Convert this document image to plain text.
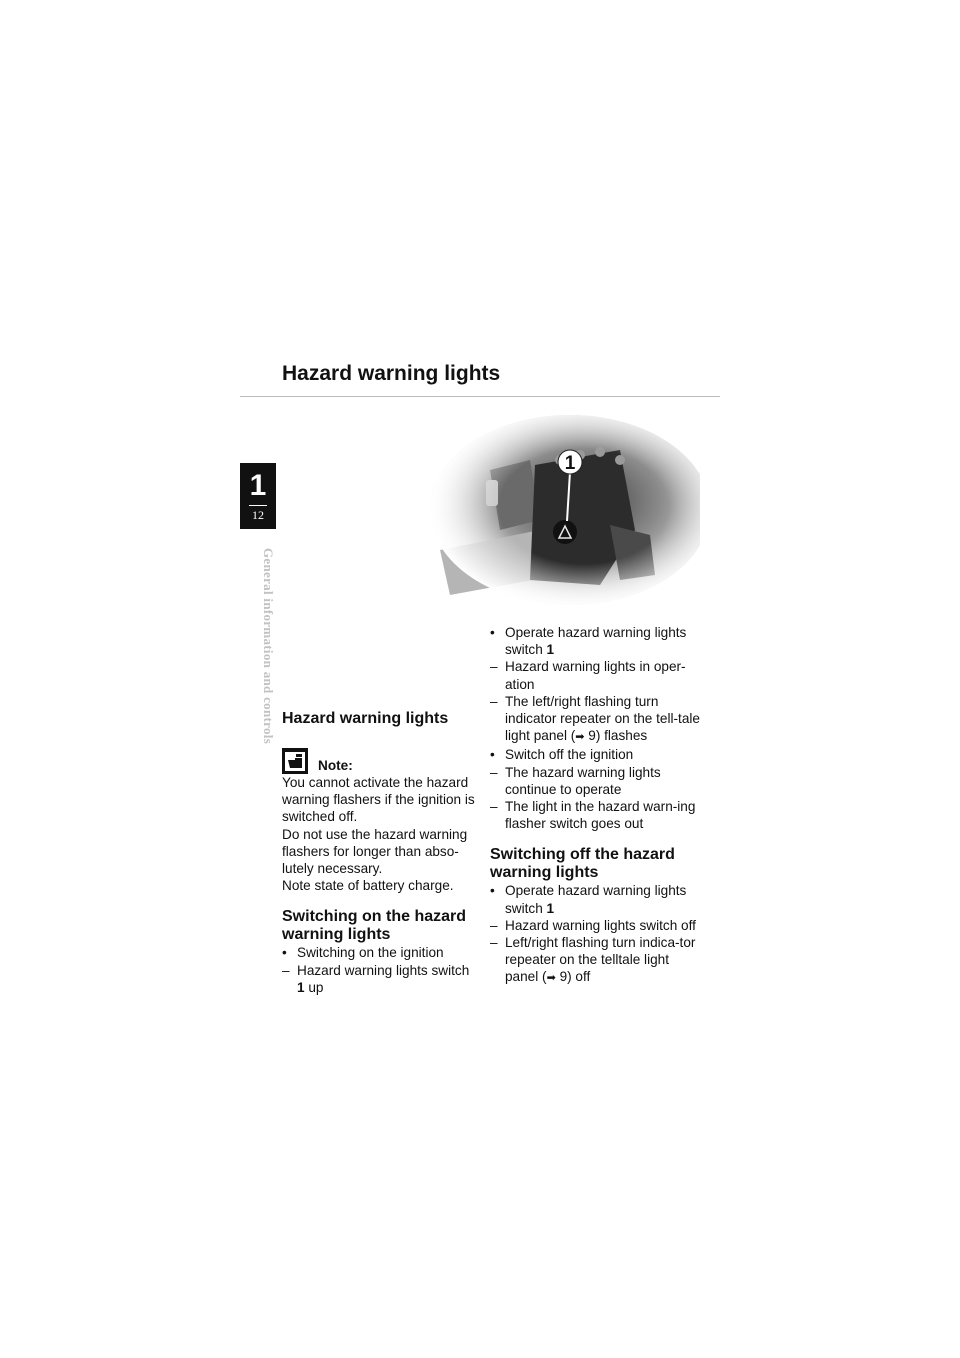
Hazard warning lights
1
12
General information and controls
1
Hazard warning lights
Note:

You cannot activate the hazard warning flashers if the ignition is switched off.

Do not use the hazard warning flashers for longer than abso-lutely necessary.

Note state of battery charge.

Switching on the hazard warning lights
• Switching on the ignition
– Hazard warning lights switch 1 up
• Operate hazard warning lights switch 1
– Hazard warning lights in oper-ation
– The left/right flashing turn indicator repeater on the tell-tale light panel (➡ 9) flashes
• Switch off the ignition
– The hazard warning lights continue to operate
– The light in the hazard warn-ing flasher switch goes out
Switching off the hazard warning lights
• Operate hazard warning lights switch 1
– Hazard warning lights switch off
– Left/right flashing turn indica-tor repeater on the telltale light panel (➡ 9) off
